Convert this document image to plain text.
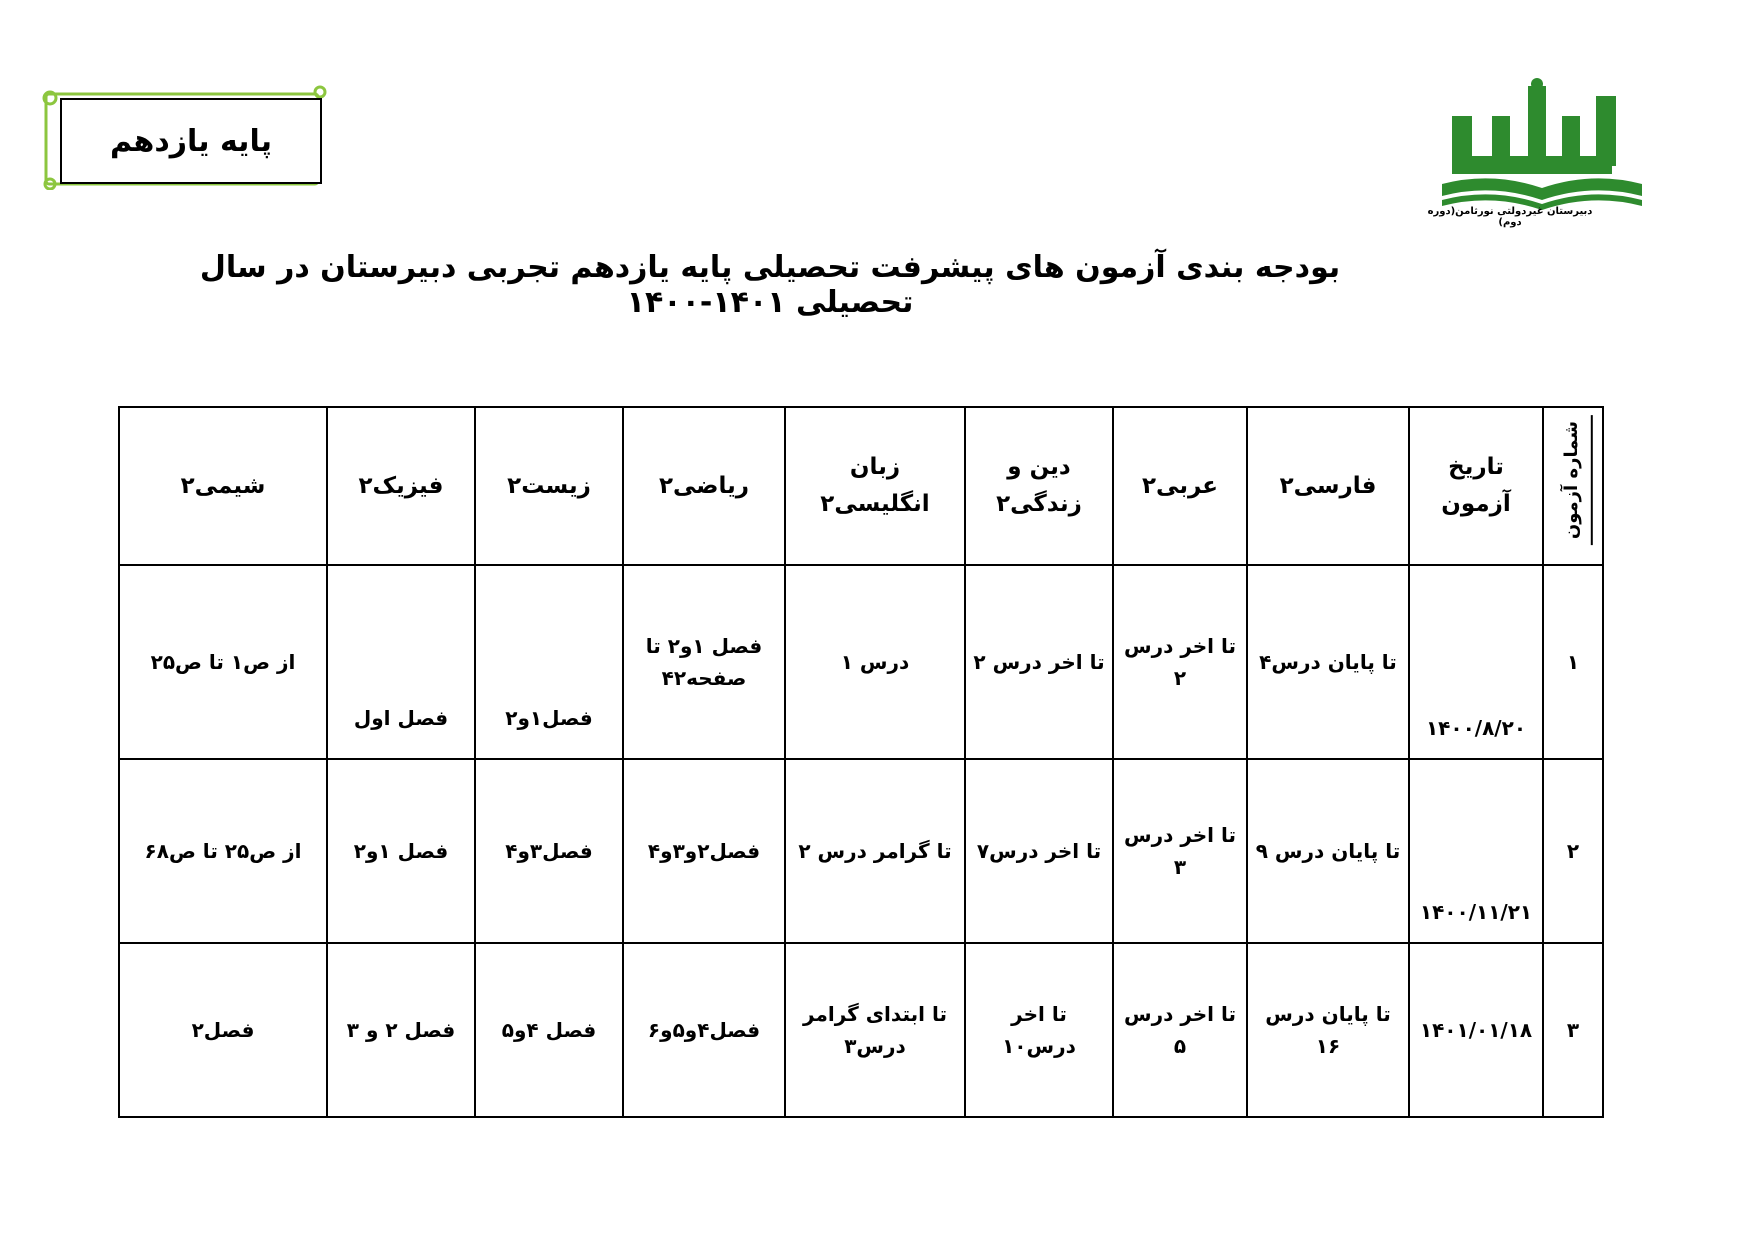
پایه یازدهم
دبیرستان غیردولتی نورثامن(دوره دوم)
بودجه بندی آزمون های پیشرفت تحصیلی پایه یازدهم تجربی دبیرستان در سال تحصیلی ۱۴۰۱-۱۴۰۰
شماره آزمون	تاریخ آزمون	فارسی۲	عربی۲	دین و زندگی۲	زبان انگلیسی۲	ریاضی۲	زیست۲	فیزیک۲	شیمی۲
۱	۱۴۰۰/۸/۲۰	تا پایان درس۴	تا اخر درس ۲	تا اخر درس ۲	درس ۱	فصل ۱و۲ تا صفحه۴۲	فصل۱و۲	فصل اول	از ص۱ تا ص۲۵
۲	۱۴۰۰/۱۱/۲۱	تا پایان درس ۹	تا اخر درس ۳	تا اخر درس۷	تا گرامر درس ۲	فصل۲و۳و۴	فصل۳و۴	فصل ۱و۲	از ص۲۵ تا ص۶۸
۳	۱۴۰۱/۰۱/۱۸	تا پایان درس ۱۶	تا اخر درس ۵	تا اخر درس۱۰	تا ابتدای گرامر درس۳	فصل۴و۵و۶	فصل ۴و۵	فصل ۲ و ۳	فصل۲
